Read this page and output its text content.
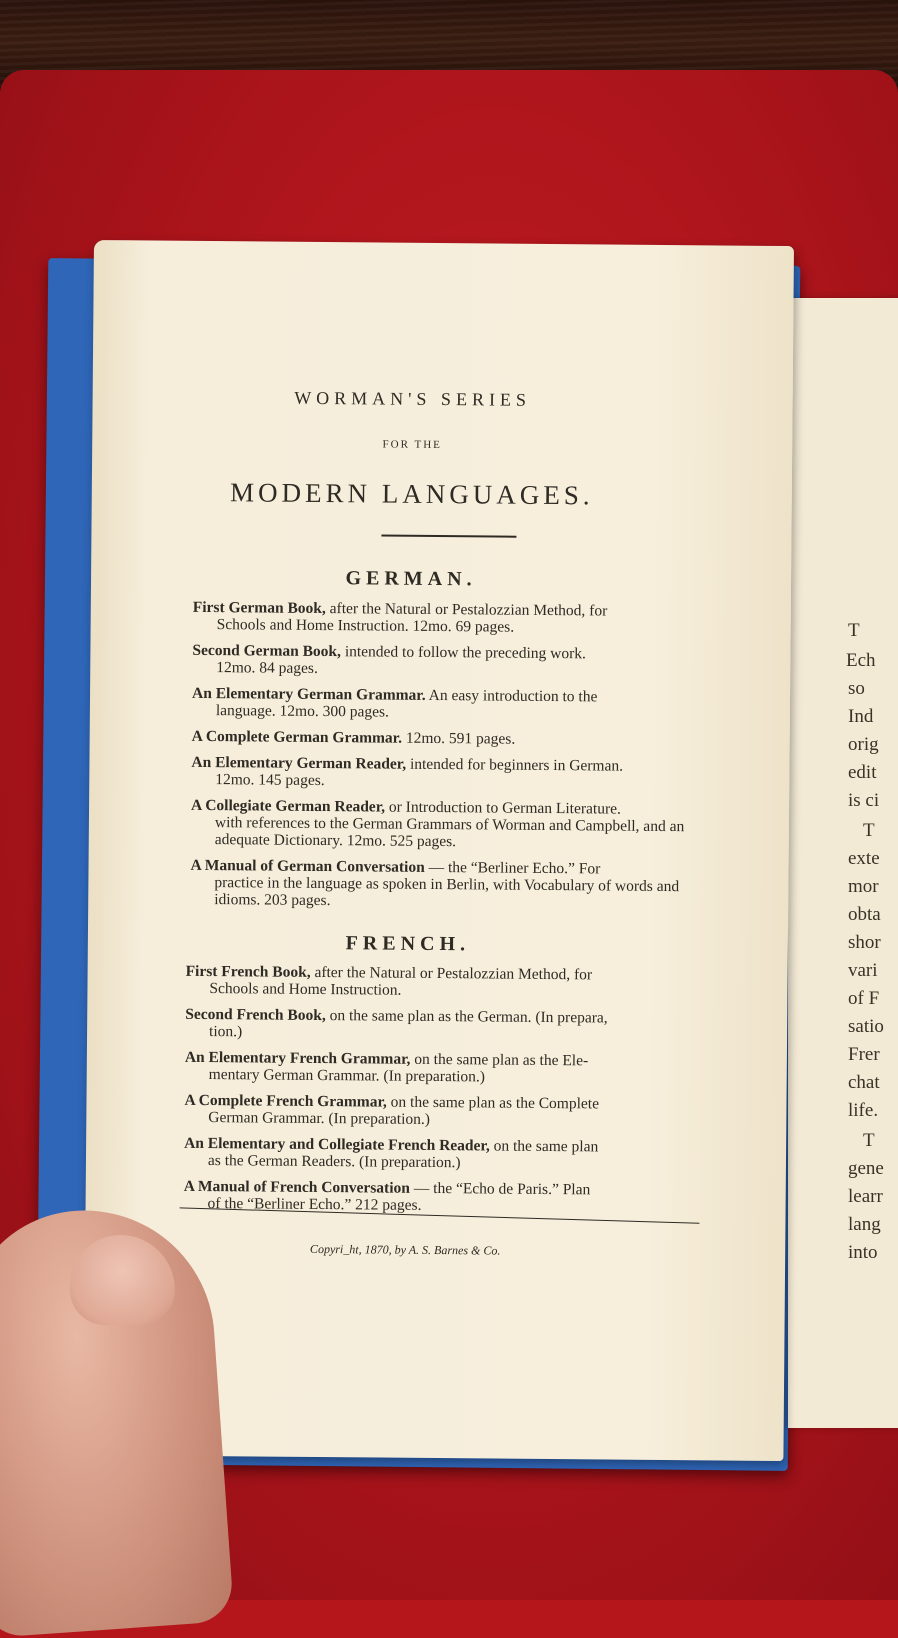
T
Ech
so
Ind
orig
edit
is ci
T
exte
mor
obta
shor
vari
of F
satio
Frer
chat
life.
T
gene
learr
lang
into
WORMAN'S SERIES
FOR THE
MODERN LANGUAGES.
GERMAN.
First German Book, after the Natural or Pestalozzian Method, for
Schools and Home Instruction. 12mo. 69 pages.
Second German Book, intended to follow the preceding work.
12mo. 84 pages.
An Elementary German Grammar. An easy introduction to the
language. 12mo. 300 pages.
A Complete German Grammar. 12mo. 591 pages.
An Elementary German Reader, intended for beginners in German.
12mo. 145 pages.
A Collegiate German Reader, or Introduction to German Literature.
with references to the German Grammars of Worman and Campbell, and an adequate Dictionary. 12mo. 525 pages.
A Manual of German Conversation — the “Berliner Echo.” For
practice in the language as spoken in Berlin, with Vocabulary of words and idioms. 203 pages.
FRENCH.
First French Book, after the Natural or Pestalozzian Method, for
Schools and Home Instruction.
Second French Book, on the same plan as the German. (In prepara,
tion.)
An Elementary French Grammar, on the same plan as the Ele-
mentary German Grammar. (In preparation.)
A Complete French Grammar, on the same plan as the Complete
German Grammar. (In preparation.)
An Elementary and Collegiate French Reader, on the same plan
as the German Readers. (In preparation.)
A Manual of French Conversation — the “Echo de Paris.” Plan
of the “Berliner Echo.” 212 pages.
Copyri_ht, 1870, by A. S. Barnes & Co.
